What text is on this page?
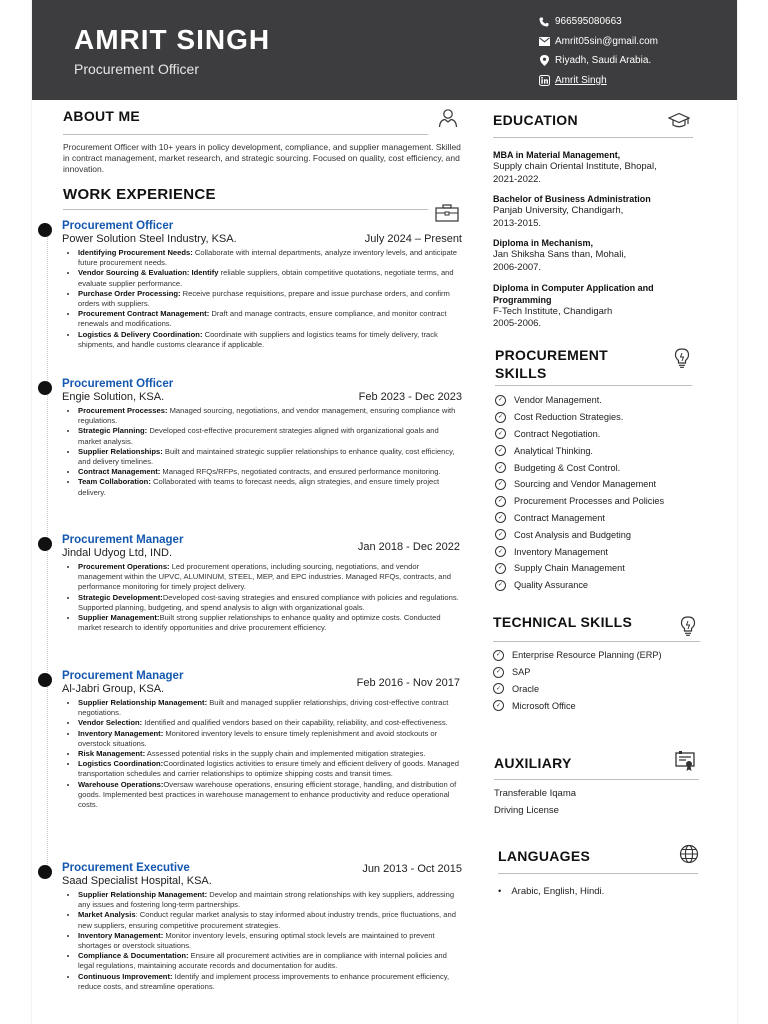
AMRIT SINGH
Procurement Officer
966595080663
Amrit05sin@gmail.com
Riyadh, Saudi Arabia.
Amrit Singh
ABOUT ME
Procurement Officer with 10+ years in policy development, compliance, and supplier management. Skilled in contract management, market research, and strategic sourcing. Focused on quality, cost efficiency, and innovation.
WORK EXPERIENCE
Procurement Officer
Power Solution Steel Industry, KSA.	July 2024 – Present
• Identifying Procurement Needs: Collaborate with internal departments, analyze inventory levels, and anticipate future procurement needs.
• Vendor Sourcing & Evaluation: Identify reliable suppliers, obtain competitive quotations, negotiate terms, and evaluate supplier performance.
• Purchase Order Processing: Receive purchase requisitions, prepare and issue purchase orders, and confirm orders with suppliers.
• Procurement Contract Management: Draft and manage contracts, ensure compliance, and monitor contract renewals and modifications.
• Logistics & Delivery Coordination: Coordinate with suppliers and logistics teams for timely delivery, track shipments, and handle customs clearance if applicable.
Procurement Officer
Engie Solution, KSA.	Feb 2023 - Dec 2023
• Procurement Processes: Managed sourcing, negotiations, and vendor management, ensuring compliance with regulations.
• Strategic Planning: Developed cost-effective procurement strategies aligned with organizational goals and market analysis.
• Supplier Relationships: Built and maintained strategic supplier relationships to enhance quality, cost efficiency, and delivery timelines.
• Contract Management: Managed RFQs/RFPs, negotiated contracts, and ensured performance monitoring.
• Team Collaboration: Collaborated with teams to forecast needs, align strategies, and ensure timely project delivery.
Procurement Manager
Jindal Udyog Ltd, IND.	Jan 2018 - Dec 2022
• Procurement Operations: Led procurement operations, including sourcing, negotiations, and vendor management within the UPVC, ALUMINUM, STEEL, MEP, and EPC industries. Managed RFQs, contracts, and performance monitoring for timely project delivery.
• Strategic Development:Developed cost-saving strategies and ensured compliance with policies and regulations. Supported planning, budgeting, and spend analysis to align with organizational goals.
• Supplier Management:Built strong supplier relationships to enhance quality and optimize costs. Conducted market research to identify opportunities and drive procurement efficiency.
Procurement Manager
Al-Jabri Group, KSA.	Feb 2016 - Nov 2017
• Supplier Relationship Management: Built and managed supplier relationships, driving cost-effective contract negotiations.
• Vendor Selection: Identified and qualified vendors based on their capability, reliability, and cost-effectiveness.
• Inventory Management: Monitored inventory levels to ensure timely replenishment and avoid stockouts or overstock situations.
• Risk Management: Assessed potential risks in the supply chain and implemented mitigation strategies.
• Logistics Coordination:Coordinated logistics activities to ensure timely and efficient delivery of goods. Managed transportation schedules and carrier relationships to optimize shipping costs and transit times.
• Warehouse Operations:Oversaw warehouse operations, ensuring efficient storage, handling, and distribution of goods. Implemented best practices in warehouse management to enhance productivity and reduce operational costs.
Procurement Executive
Saad Specialist Hospital, KSA.
Jun 2013 - Oct 2015
• Supplier Relationship Management: Develop and maintain strong relationships with key suppliers, addressing any issues and fostering long-term partnerships.
• Market Analysis: Conduct regular market analysis to stay informed about industry trends, price fluctuations, and new suppliers, ensuring competitive procurement strategies.
• Inventory Management: Monitor inventory levels, ensuring optimal stock levels are maintained to prevent shortages or overstock situations.
• Compliance & Documentation: Ensure all procurement activities are in compliance with internal policies and legal regulations, maintaining accurate records and documentation for audits.
• Continuous Improvement: Identify and implement process improvements to enhance procurement efficiency, reduce costs, and streamline operations.
EDUCATION
MBA in Material Management,
Supply chain Oriental Institute, Bhopal,
2021-2022.
Bachelor of Business Administration
Panjab University, Chandigarh,
2013-2015.
Diploma in Mechanism,
Jan Shiksha Sans than, Mohali,
2006-2007.
Diploma in Computer Application and Programming
F-Tech Institute, Chandigarh
2005-2006.
PROCUREMENT
SKILLS
✓	Vendor Management.
✓	Cost Reduction Strategies.
✓	Contract Negotiation.
✓	Analytical Thinking.
✓	Budgeting & Cost Control.
✓	Sourcing and Vendor Management
✓	Procurement Processes and Policies
✓	Contract Management
✓	Cost Analysis and Budgeting
✓	Inventory Management
✓	Supply Chain Management
✓	Quality Assurance
TECHNICAL SKILLS
✓	Enterprise Resource Planning (ERP)
✓	SAP
✓	Oracle
✓	Microsoft Office
AUXILIARY
Transferable Iqama
Driving License
LANGUAGES
• Arabic, English, Hindi.
